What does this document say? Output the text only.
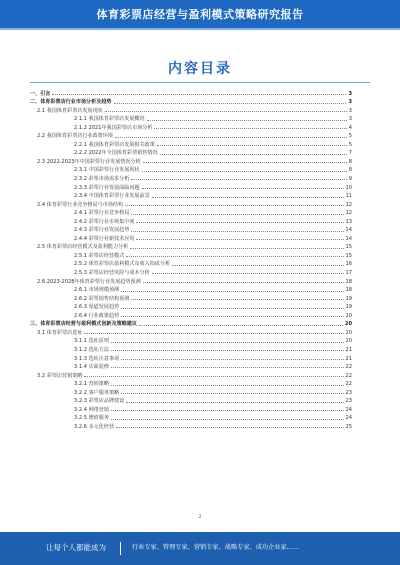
体育彩票店经营与盈利模式策略研究报告
内容目录
一、引言	3
二、体育彩票店行业市场分析及趋势	3
2.1 我国体育彩票店发展现状	3
2.1.1 我国体育彩票店发展概况	3
2.1.2 2021年我国彩票店市场分析	4
2.2 我国体育彩票店行业政策环境	5
2.2.1 我国体育彩票店发展相关政策	5
2.2.2 2022年全国体育彩票销售情况	7
2.3 2022-2023年中国彩票行业发展情况分析	8
2.3.1 中国彩票行业发展现状	8
2.3.2 彩票市场需求分析	9
2.3.3 彩票行业发展面临问题	10
2.3.4 中国体育彩票行业发展前景	11
2.4 体育彩票行业竞争格局与市场结构	12
2.4.1 彩票行业竞争格局	12
2.4.2 彩票行业市场集中度	13
2.4.3 彩票行业发展趋势	14
2.4.4 彩票行业新技术应用	14
2.5 体育彩票店经营模式及盈利能力分析	15
2.5.1 彩票店经营模式	15
2.5.2 体育彩票店盈利模式及收入构成分析	16
2.5.3 彩票店经营风险与成本分析	17
2.6 2023-2028年体育彩票行业发展趋势预测	18
2.6.1 市场规模预测	18
2.6.2 彩票销售结构预测	19
2.6.3 渠道发展趋势	19
2.6.4 行业政策趋势	20
三、体育彩票店经营与盈利模式创新及策略建议	20
3.1 体育彩票店选址	20
3.1.1 选址原则	20
3.1.2 选址方法	21
3.1.3 选址注意事项	21
3.1.4 店面装修	22
3.2 彩票店营销策略	22
3.2.1 营销策略	22
3.2.2 客户服务策略	23
3.2.3 彩票店品牌建设	23
3.2.4 网络营销	24
3.2.5 增值服务	24
3.2.6 多元化经营	25
2
让每个人都能成为	行业专家、管理专家、营销专家、战略专家、成功企业家……
